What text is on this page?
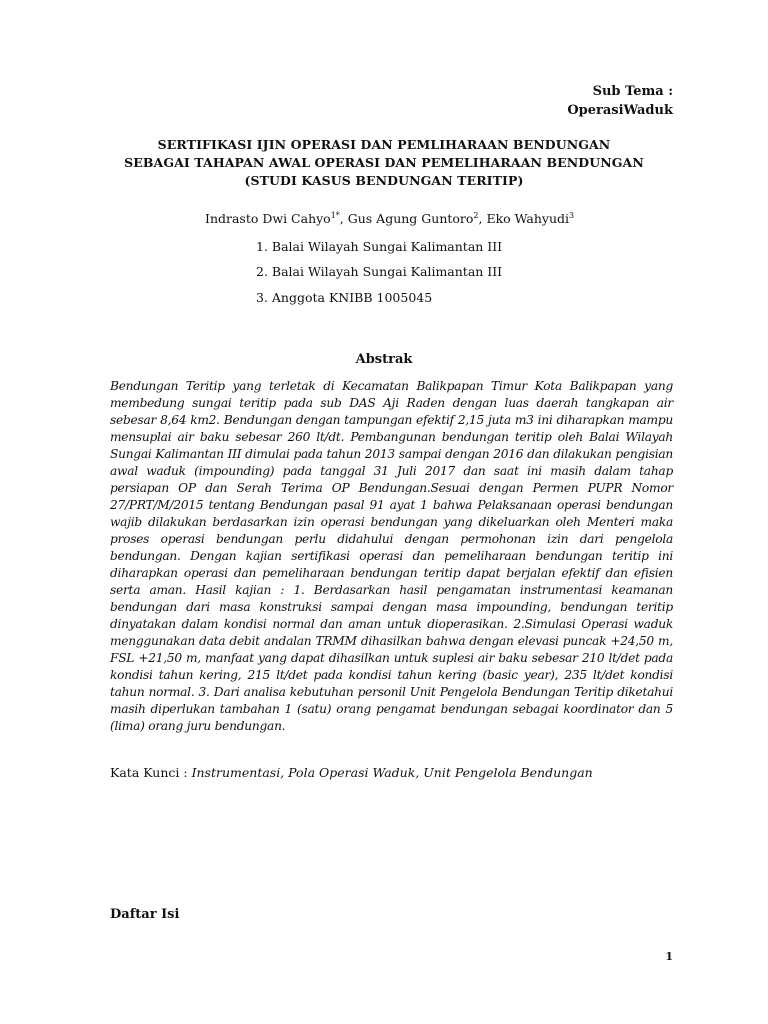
Sub Tema :
OperasiWaduk
SERTIFIKASI IJIN OPERASI DAN PEMLIHARAAN BENDUNGAN
SEBAGAI TAHAPAN AWAL OPERASI DAN PEMELIHARAAN BENDUNGAN
(STUDI KASUS BENDUNGAN TERITIP)
Indrasto Dwi Cahyo$^{1*}$, Gus Agung Guntoro$^2$, Eko Wahyudi$^3$
1. Balai Wilayah Sungai Kalimantan III
2. Balai Wilayah Sungai Kalimantan III
3. Anggota KNIBB 1005045
Abstrak
Bendungan Teritip yang terletak di Kecamatan Balikpapan Timur Kota Balikpapan yang membedung sungai teritip pada sub DAS Aji Raden dengan luas daerah tangkapan air sebesar 8,64 km2. Bendungan dengan tampungan efektif 2,15 juta m3 ini diharapkan mampu mensuplai air baku sebesar 260 lt/dt. Pembangunan bendungan teritip oleh Balai Wilayah Sungai Kalimantan III dimulai pada tahun 2013 sampai dengan 2016 dan dilakukan pengisian awal waduk (impounding) pada tanggal 31 Juli 2017 dan saat ini masih dalam tahap persiapan OP dan Serah Terima OP Bendungan.Sesuai dengan Permen PUPR Nomor 27/PRT/M/2015 tentang Bendungan pasal 91 ayat 1 bahwa Pelaksanaan operasi bendungan wajib dilakukan berdasarkan izin operasi bendungan yang dikeluarkan oleh Menteri maka proses operasi bendungan perlu didahului dengan permohonan izin dari pengelola bendungan. Dengan kajian sertifikasi operasi dan pemeliharaan bendungan teritip ini diharapkan operasi dan pemeliharaan bendungan teritip dapat berjalan efektif dan efisien serta aman. Hasil kajian : 1. Berdasarkan hasil pengamatan instrumentasi keamanan bendungan dari masa konstruksi sampai dengan masa impounding, bendungan teritip dinyatakan dalam kondisi normal dan aman untuk dioperasikan. 2.Simulasi Operasi waduk menggunakan data debit andalan TRMM dihasilkan bahwa dengan elevasi puncak +24,50 m, FSL +21,50 m, manfaat yang dapat dihasilkan untuk suplesi air baku sebesar 210 lt/det pada kondisi tahun kering, 215 lt/det pada kondisi tahun kering (basic year), 235 lt/det kondisi tahun normal. 3. Dari analisa kebutuhan personil Unit Pengelola Bendungan Teritip diketahui masih diperlukan tambahan 1 (satu) orang pengamat bendungan sebagai koordinator dan 5 (lima) orang juru bendungan.
Kata Kunci : Instrumentasi, Pola Operasi Waduk, Unit Pengelola Bendungan
Daftar Isi
1
